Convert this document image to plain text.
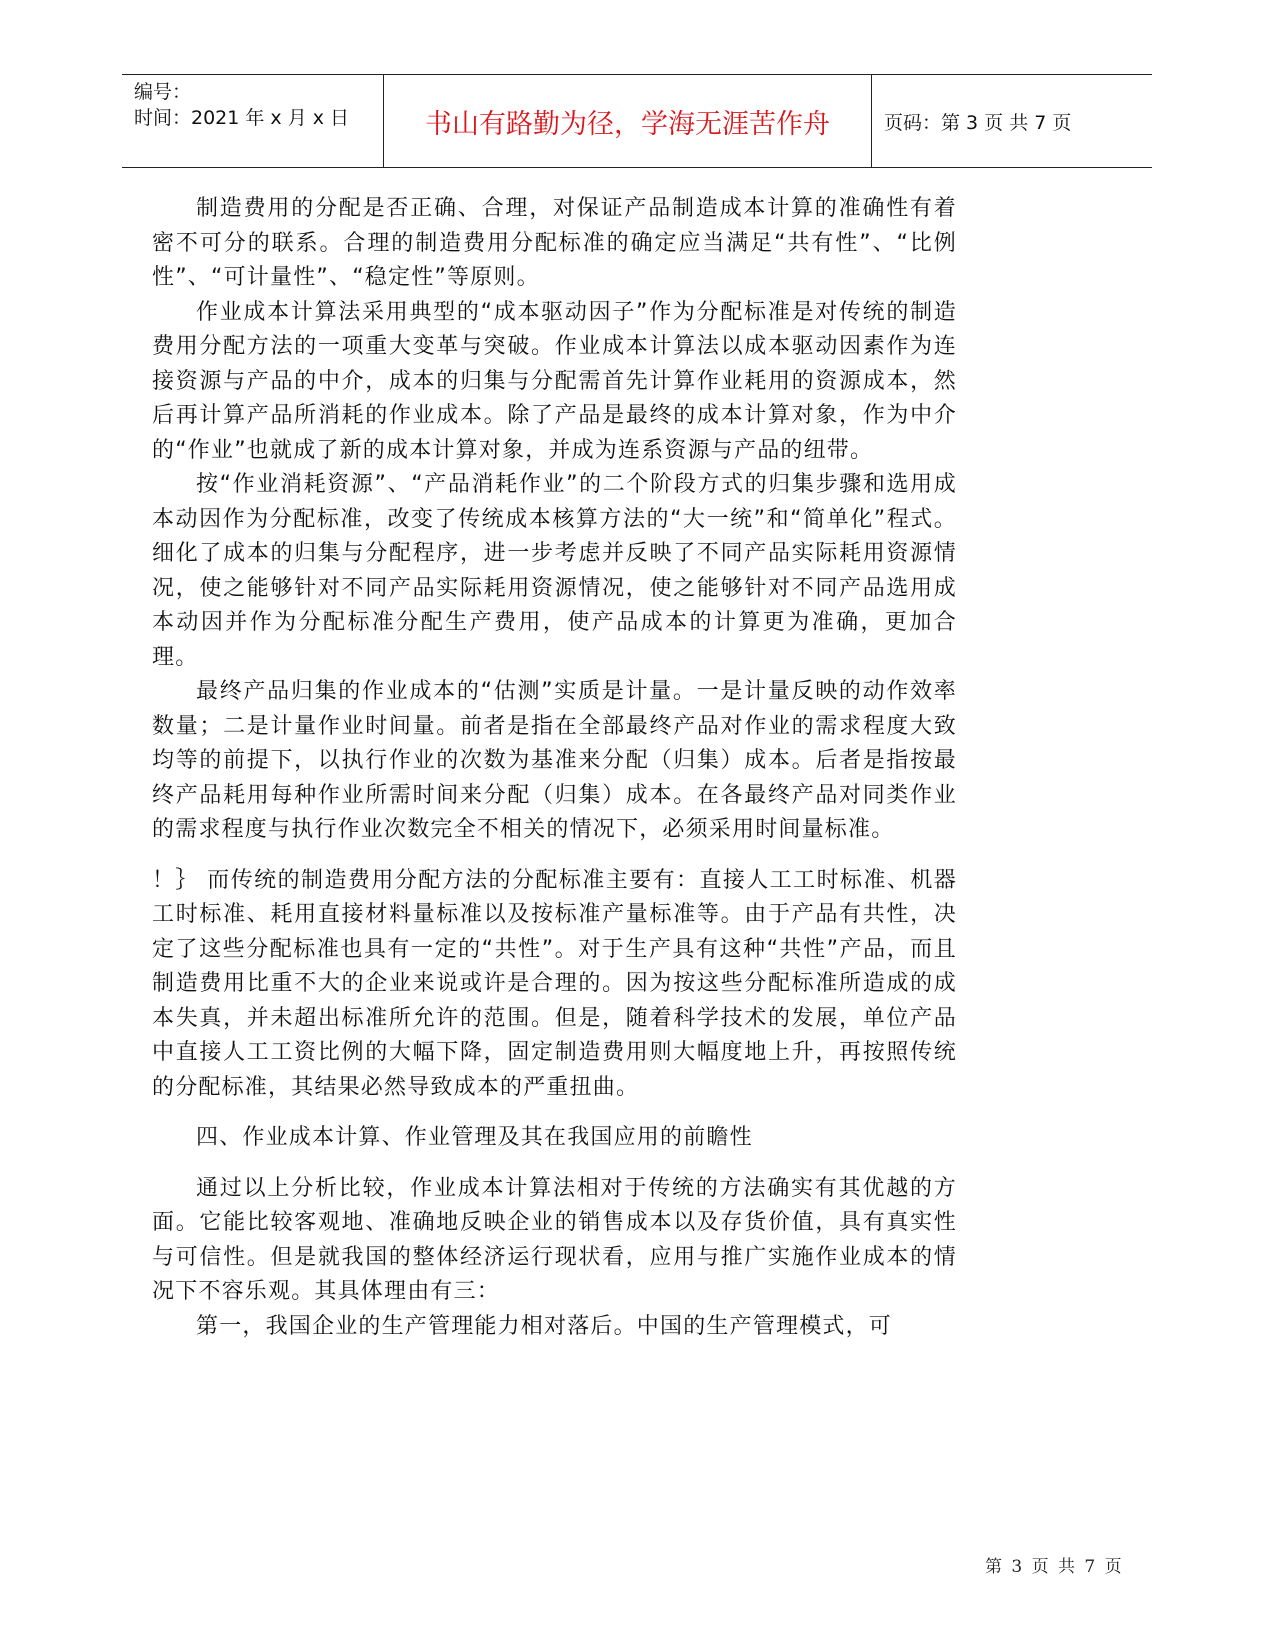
编号：
时间：2021 年 x 月 x 日	书山有路勤为径，学海无涯苦作舟	页码：第 3 页 共 7 页

制造费用的分配是否正确、合理，对保证产品制造成本计算的准确性有着密不可分的联系。合理的制造费用分配标准的确定应当满足“共有性”、“比例性”、“可计量性”、“稳定性”等原则。

作业成本计算法采用典型的“成本驱动因子”作为分配标准是对传统的制造费用分配方法的一项重大变革与突破。作业成本计算法以成本驱动因素作为连接资源与产品的中介，成本的归集与分配需首先计算作业耗用的资源成本，然后再计算产品所消耗的作业成本。除了产品是最终的成本计算对象，作为中介的“作业”也就成了新的成本计算对象，并成为连系资源与产品的纽带。

按“作业消耗资源”、“产品消耗作业”的二个阶段方式的归集步骤和选用成本动因作为分配标准，改变了传统成本核算方法的“大一统”和“简单化”程式。细化了成本的归集与分配程序，进一步考虑并反映了不同产品实际耗用资源情况，使之能够针对不同产品实际耗用资源情况，使之能够针对不同产品选用成本动因并作为分配标准分配生产费用，使产品成本的计算更为准确，更加合理。

最终产品归集的作业成本的“估测”实质是计量。一是计量反映的动作效率数量；二是计量作业时间量。前者是指在全部最终产品对作业的需求程度大致均等的前提下，以执行作业的次数为基准来分配（归集）成本。后者是指按最终产品耗用每种作业所需时间来分配（归集）成本。在各最终产品对同类作业的需求程度与执行作业次数完全不相关的情况下，必须采用时间量标准。

！｝ 而传统的制造费用分配方法的分配标准主要有：直接人工工时标准、机器工时标准、耗用直接材料量标准以及按标准产量标准等。由于产品有共性，决定了这些分配标准也具有一定的“共性”。对于生产具有这种“共性”产品，而且制造费用比重不大的企业来说或许是合理的。因为按这些分配标准所造成的成本失真，并未超出标准所允许的范围。但是，随着科学技术的发展，单位产品中直接人工工资比例的大幅下降，固定制造费用则大幅度地上升，再按照传统的分配标准，其结果必然导致成本的严重扭曲。

四、作业成本计算、作业管理及其在我国应用的前瞻性

通过以上分析比较，作业成本计算法相对于传统的方法确实有其优越的方面。它能比较客观地、准确地反映企业的销售成本以及存货价值，具有真实性与可信性。但是就我国的整体经济运行现状看，应用与推广实施作业成本的情况下不容乐观。其具体理由有三：

第一，我国企业的生产管理能力相对落后。中国的生产管理模式，可

第 3 页 共 7 页
